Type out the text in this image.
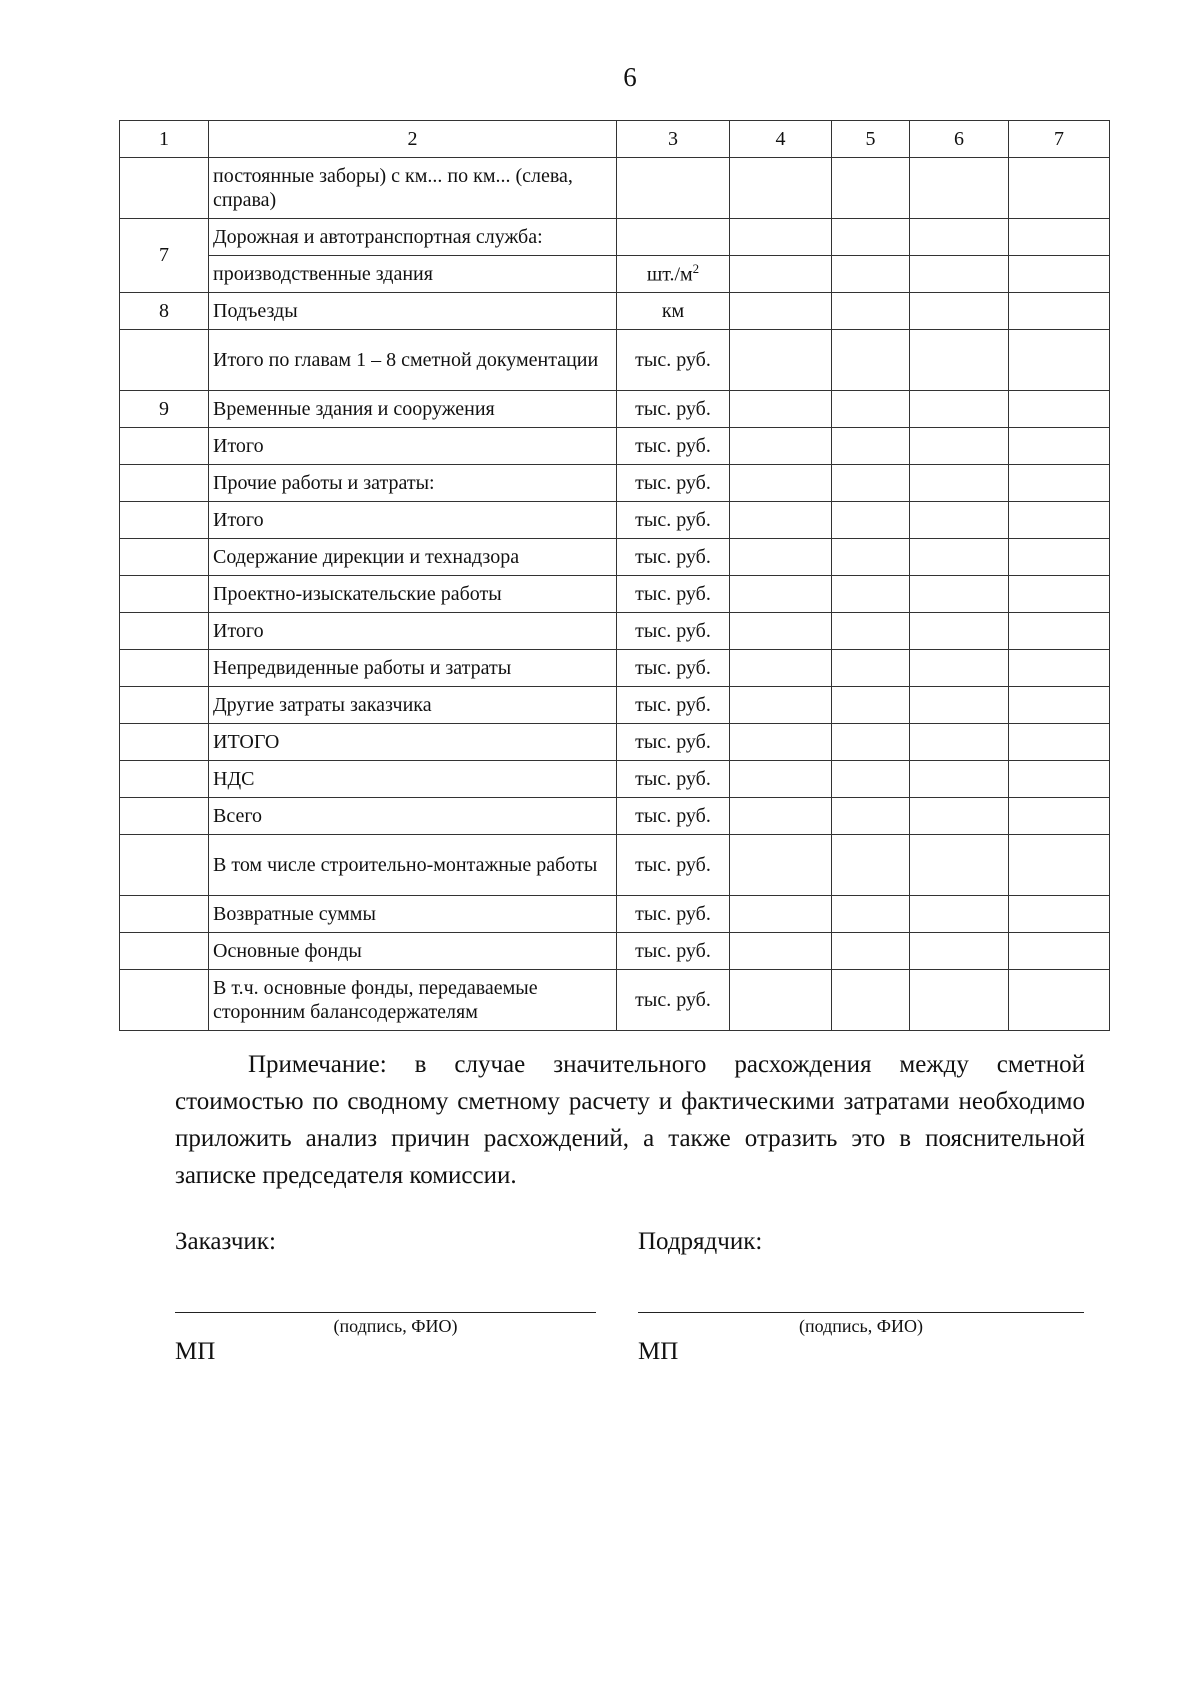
6
1	2	3	4	5	6	7
	постоянные заборы) с км... по км... (слева, справа)					
7	Дорожная и автотранспортная служба:					
	производственные здания	$шт./м^2$				
8	Подъезды	км				
	Итого по главам 1 – 8 сметной документации	тыс. руб.				
9	Временные здания и сооружения	тыс. руб.				
	Итого	тыс. руб.				
	Прочие работы и затраты:	тыс. руб.				
	Итого	тыс. руб.				
	Содержание дирекции и технадзора	тыс. руб.				
	Проектно-изыскательские работы	тыс. руб.				
	Итого	тыс. руб.				
	Непредвиденные работы и затраты	тыс. руб.				
	Другие затраты заказчика	тыс. руб.				
	ИТОГО	тыс. руб.				
	НДС	тыс. руб.				
	Всего	тыс. руб.				
	В том числе строительно-монтажные работы	тыс. руб.				
	Возвратные суммы	тыс. руб.				
	Основные фонды	тыс. руб.				
	В т.ч. основные фонды, передаваемые сторонним балансодержателям	тыс. руб.				

Примечание: в случае значительного расхождения между сметной стоимостью по сводному сметному расчету и фактическими затратами необходимо приложить анализ причин расхождений, а также отразить это в пояснительной записке председателя комиссии.

Заказчик:	Подрядчик:
(подпись, ФИО)	(подпись, ФИО)
МП	МП
